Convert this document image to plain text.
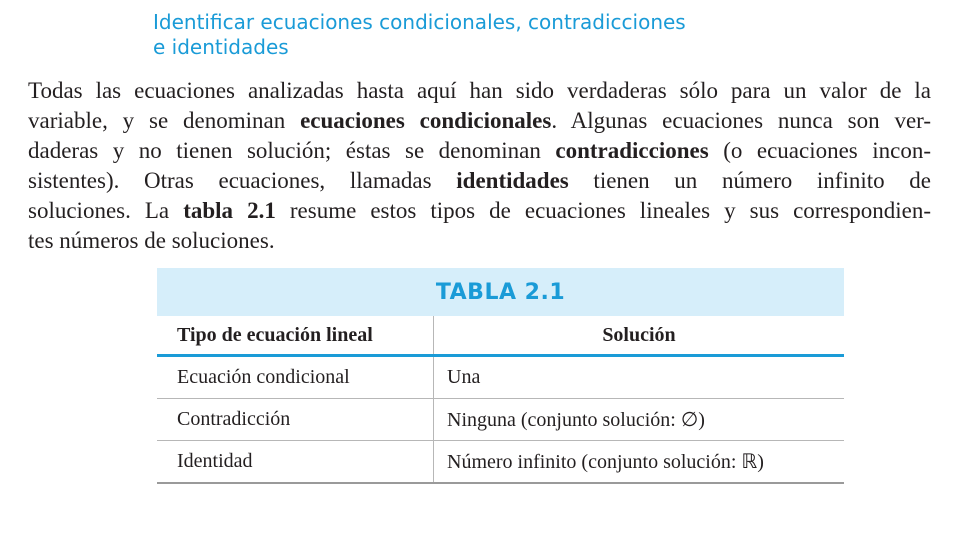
Identificar ecuaciones condicionales, contradicciones
e identidades

Todas las ecuaciones analizadas hasta aquí han sido verdaderas sólo para un valor de la
variable, y se denominan ecuaciones condicionales. Algunas ecuaciones nunca son ver-
daderas y no tienen solución; éstas se denominan contradicciones (o ecuaciones incon-
sistentes). Otras ecuaciones, llamadas identidades tienen un número infinito de
soluciones. La tabla 2.1 resume estos tipos de ecuaciones lineales y sus correspondien-
tes números de soluciones.

TABLA 2.1
Tipo de ecuación lineal	Solución
Ecuación condicional	Una
Contradicción	Ninguna (conjunto solución: ∅)
Identidad	Número infinito (conjunto solución: ℝ)
